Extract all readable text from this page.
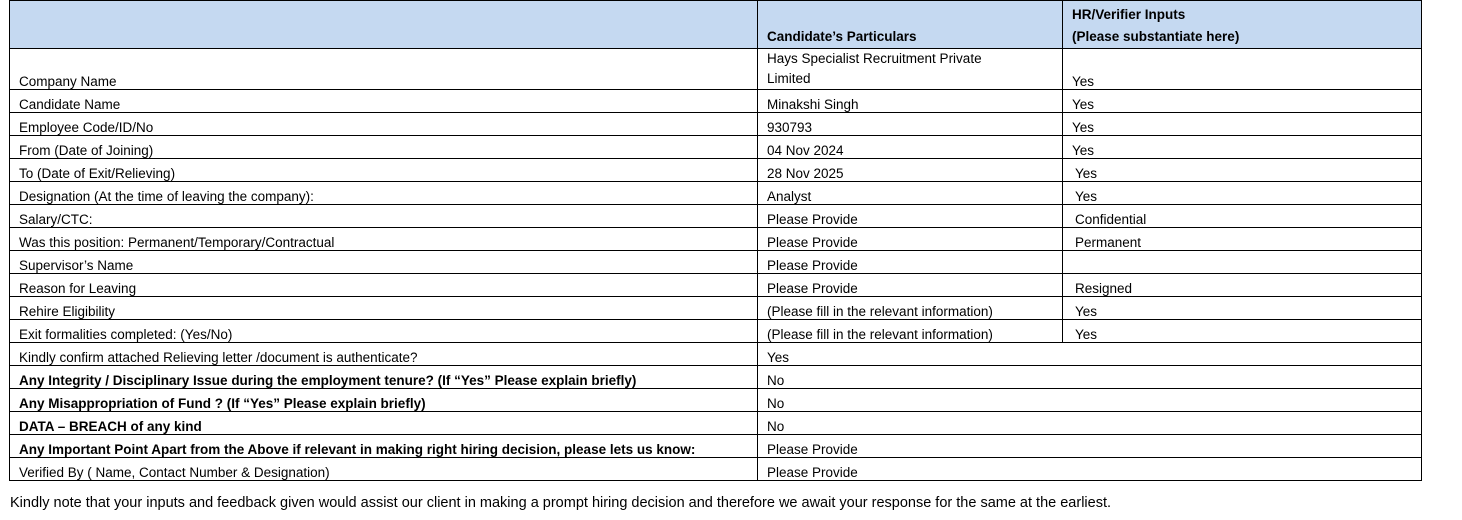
	Candidate’s Particulars	HR/Verifier Inputs
(Please substantiate here)

Company Name	Hays Specialist Recruitment Private Limited	Yes
Candidate Name	Minakshi Singh	Yes
Employee Code/ID/No	930793	Yes
From (Date of Joining)	04 Nov 2024	Yes
To (Date of Exit/Relieving)	28 Nov 2025	Yes
Designation (At the time of leaving the company):	Analyst	Yes
Salary/CTC:	Please Provide	Confidential
Was this position: Permanent/Temporary/Contractual	Please Provide	Permanent
Supervisor’s Name	Please Provide	
Reason for Leaving	Please Provide	Resigned
Rehire Eligibility	(Please fill in the relevant information)	Yes
Exit formalities completed: (Yes/No)	(Please fill in the relevant information)	Yes
Kindly confirm attached Relieving letter /document is authenticate?	Yes	
Any Integrity / Disciplinary Issue during the employment tenure? (If “Yes” Please explain briefly)	No	
Any Misappropriation of Fund ? (If “Yes” Please explain briefly)	No	
DATA – BREACH of any kind	No	
Any Important Point Apart from the Above if relevant in making right hiring decision, please lets us know:	Please Provide	
Verified By ( Name, Contact Number & Designation)	Please Provide	
Kindly note that your inputs and feedback given would assist our client in making a prompt hiring decision and therefore we await your response for the same at the earliest.
